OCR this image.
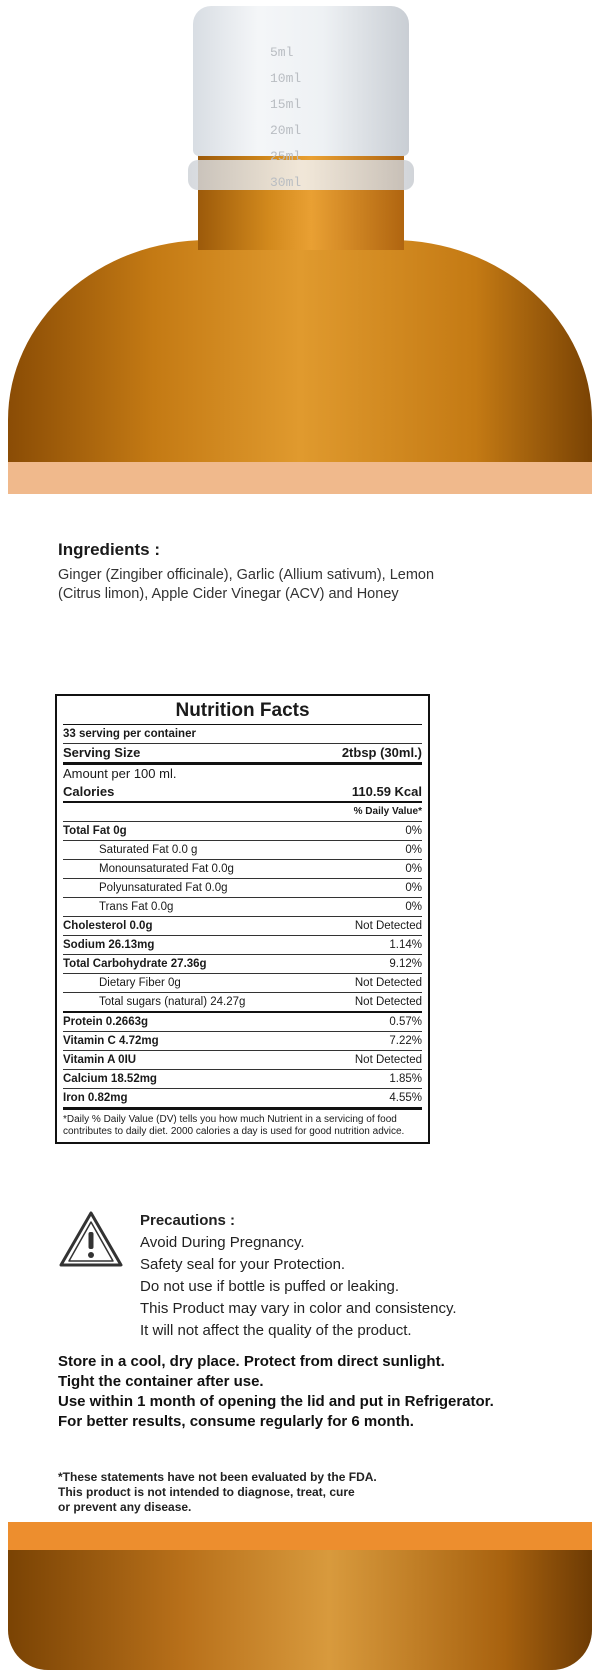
5ml
10ml
15ml
20ml
25ml
30ml
Ingredients :
Ginger (Zingiber officinale), Garlic (Allium sativum), Lemon (Citrus limon), Apple Cider Vinegar (ACV) and Honey
Nutrition Facts
33 serving per container
Serving Size	2tbsp (30ml.)
Amount per 100 ml.
Calories	110.59 Kcal
% Daily Value*
Total Fat 0g	0%
Saturated Fat 0.0 g	0%
Monounsaturated Fat 0.0g	0%
Polyunsaturated Fat 0.0g	0%
Trans Fat 0.0g	0%
Cholesterol 0.0g	Not Detected
Sodium 26.13mg	1.14%
Total Carbohydrate 27.36g	9.12%
Dietary Fiber 0g	Not Detected
Total sugars (natural) 24.27g	Not Detected
Protein 0.2663g	0.57%
Vitamin C 4.72mg	7.22%
Vitamin A 0IU	Not Detected
Calcium 18.52mg	1.85%
Iron 0.82mg	4.55%
*Daily % Daily Value (DV) tells you how much Nutrient in a servicing of food contributes to daily diet. 2000 calories a day is used for good nutrition advice.
Precautions :
Avoid During Pregnancy.
Safety seal for your Protection.
Do not use if bottle is puffed or leaking.
This Product may vary in color and consistency.
It will not affect the quality of the product.
Store in a cool, dry place. Protect from direct sunlight.
Tight the container after use.
Use within 1 month of opening the lid and put in Refrigerator.
For better results, consume regularly for 6 month.
*These statements have not been evaluated by the FDA.
This product is not intended to diagnose, treat, cure
or prevent any disease.
